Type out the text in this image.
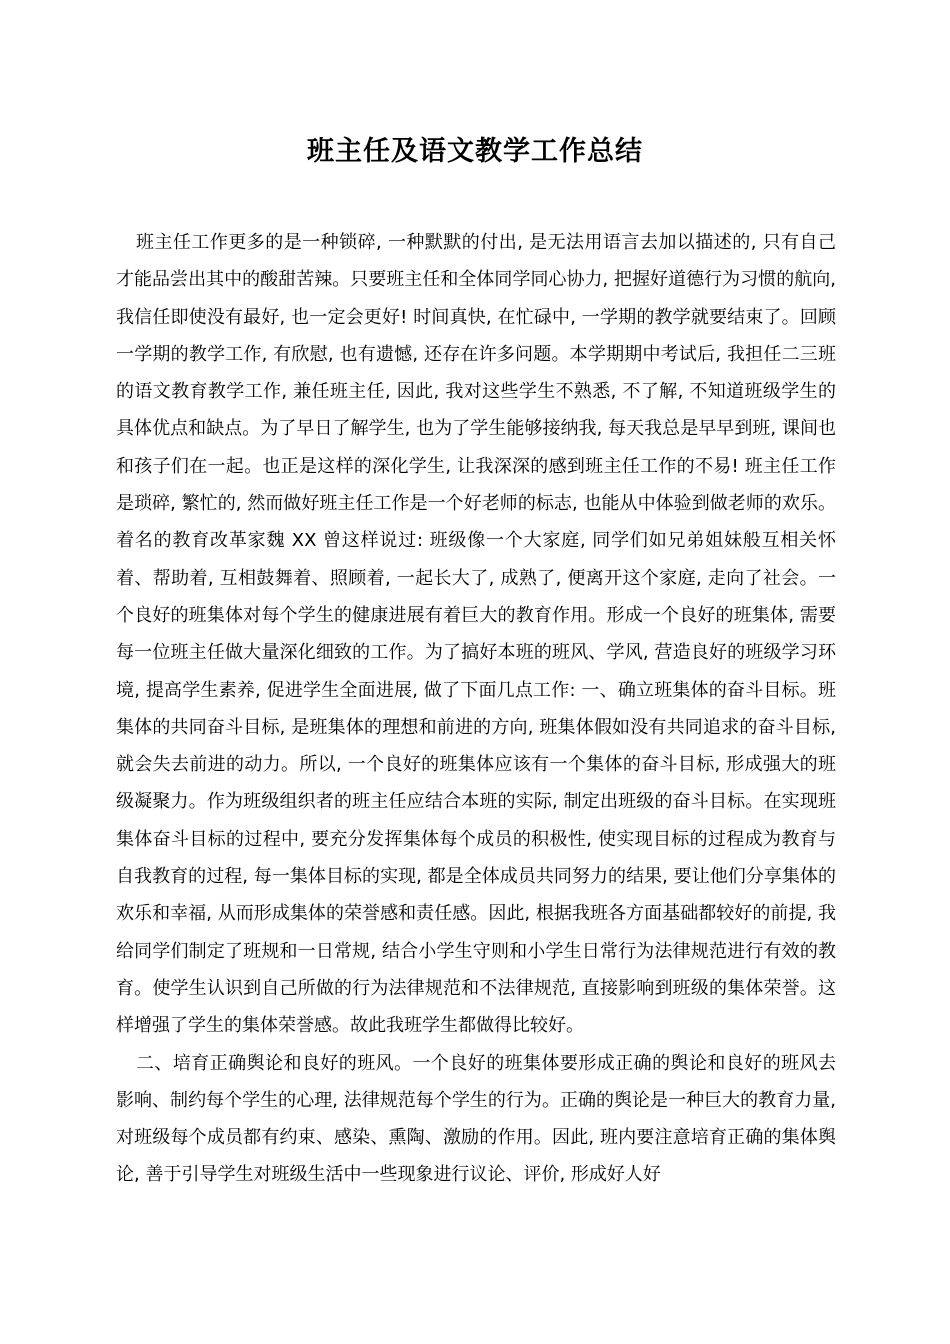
班主任及语文教学工作总结

班主任工作更多的是一种锁碎, 一种默默的付出, 是无法用语言去加以描述的, 只有自己才能品尝出其中的酸甜苦辣。只要班主任和全体同学同心协力, 把握好道德行为习惯的航向, 我信任即使没有最好, 也一定会更好! 时间真快, 在忙碌中, 一学期的教学就要结束了。回顾一学期的教学工作, 有欣慰, 也有遗憾, 还存在许多问题。本学期期中考试后, 我担任二三班的语文教育教学工作, 兼任班主任, 因此, 我对这些学生不熟悉, 不了解, 不知道班级学生的具体优点和缺点。为了早日了解学生, 也为了学生能够接纳我, 每天我总是早早到班, 课间也和孩子们在一起。也正是这样的深化学生, 让我深深的感到班主任工作的不易! 班主任工作是琐碎, 繁忙的, 然而做好班主任工作是一个好老师的标志, 也能从中体验到做老师的欢乐。着名的教育改革家魏 XX 曾这样说过: 班级像一个大家庭, 同学们如兄弟姐妹般互相关怀着、帮助着, 互相鼓舞着、照顾着, 一起长大了, 成熟了, 便离开这个家庭, 走向了社会。一个良好的班集体对每个学生的健康进展有着巨大的教育作用。形成一个良好的班集体, 需要每一位班主任做大量深化细致的工作。为了搞好本班的班风、学风, 营造良好的班级学习环境, 提高学生素养, 促进学生全面进展, 做了下面几点工作: 一、确立班集体的奋斗目标。班集体的共同奋斗目标, 是班集体的理想和前进的方向, 班集体假如没有共同追求的奋斗目标, 就会失去前进的动力。所以, 一个良好的班集体应该有一个集体的奋斗目标, 形成强大的班级凝聚力。作为班级组织者的班主任应结合本班的实际, 制定出班级的奋斗目标。在实现班集体奋斗目标的过程中, 要充分发挥集体每个成员的积极性, 使实现目标的过程成为教育与自我教育的过程, 每一集体目标的实现, 都是全体成员共同努力的结果, 要让他们分享集体的欢乐和幸福, 从而形成集体的荣誉感和责任感。因此, 根据我班各方面基础都较好的前提, 我给同学们制定了班规和一日常规, 结合小学生守则和小学生日常行为法律规范进行有效的教育。使学生认识到自己所做的行为法律规范和不法律规范, 直接影响到班级的集体荣誉。这样增强了学生的集体荣誉感。故此我班学生都做得比较好。

二、培育正确舆论和良好的班风。一个良好的班集体要形成正确的舆论和良好的班风去影响、制约每个学生的心理, 法律规范每个学生的行为。正确的舆论是一种巨大的教育力量, 对班级每个成员都有约束、感染、熏陶、激励的作用。因此, 班内要注意培育正确的集体舆论, 善于引导学生对班级生活中一些现象进行议论、评价, 形成好人好
